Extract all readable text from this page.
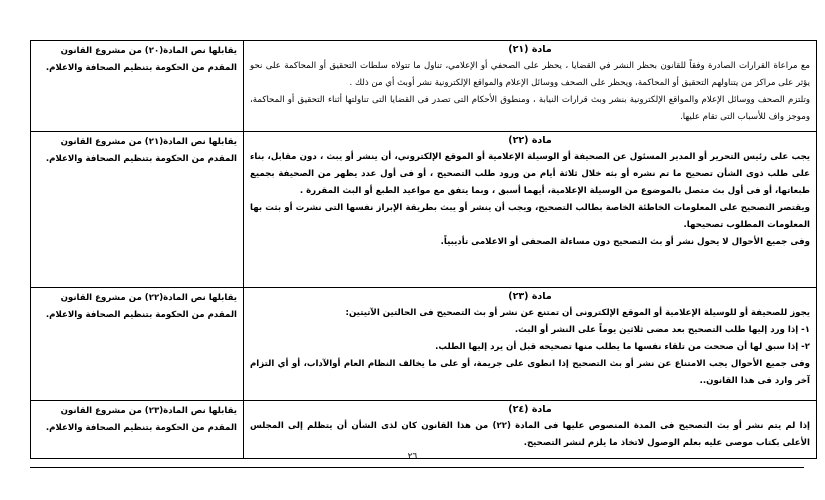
مادة (٢١)

مع مراعاة القرارات الصادرة وفقاً للقانون بحظر النشر في القضايا ، يحظر على الصحفي أو الإعلامي، تناول ما تتولاه سلطات التحقيق أو المحاكمة على نحو يؤثر على مراكز من يتناولهم التحقيق أو المحاكمة، ويحظر على الصحف ووسائل الإعلام والمواقع الإلكترونية نشر أوبث أي من ذلك .

وتلتزم الصحف ووسائل الإعلام والمواقع الإلكترونية بنشر وبث قرارات النيابة ، ومنطوق الأحكام التى تصدر فى القضايا التى تناولتها أثناء التحقيق أو المحاكمة، وموجز واف للأسباب التى تقام عليها.	يقابلها نص المادة(٢٠) من مشروع القانون المقدم من الحكومة بتنظيم الصحافة والاعلام.

مادة (٢٢)

يجب على رئيس التحرير أو المدير المسئول عن الصحيفة أو الوسيلة الإعلامية أو الموقع الإلكتروني، أن ينشر أو يبث ، دون مقابل، بناء على طلب ذوى الشأن تصحيح ما تم نشره أو بثه خلال ثلاثة أيام من ورود طلب التصحيح ، أو فى أول عدد يظهر من الصحيفة بجميع طبعاتها، أو فى أول بث متصل بالموضوع من الوسيلة الإعلامية، أيهما أسبق ، وبما يتفق مع مواعيد الطبع أو البث المقررة .

ويقتصر التصحيح على المعلومات الخاطئة الخاصة بطالب التصحيح، ويجب أن ينشر أو يبث بطريقة الإبراز نفسها التى نشرت أو بثت بها المعلومات المطلوب تصحيحها.

وفى جميع الأحوال لا يحول نشر أو بث التصحيح دون مساءلة الصحفى أو الاعلامى تأديبياً.	يقابلها نص المادة(٢١) من مشروع القانون المقدم من الحكومة بتنظيم الصحافة والاعلام.

مادة (٢٣)

يجوز للصحيفة أو للوسيلة الإعلامية أو الموقع الإلكترونى أن تمتنع عن نشر أو بث التصحيح فى الحالتين الآتيتين:

١- إذا ورد إليها طلب التصحيح بعد مضى ثلاثين يوماً على النشر أو البث.

٢- إذا سبق لها أن صححت من تلقاء نفسها ما يطلب منها تصحيحه قبل أن يرد إليها الطلب.

وفى جميع الأحوال يجب الامتناع عن نشر أو بث التصحيح إذا انطوى على جريمة، أو على ما يخالف النظام العام أوالآداب، أو أي التزام آخر وارد فى هذا القانون..	يقابلها نص المادة(٢٢) من مشروع القانون المقدم من الحكومة بتنظيم الصحافة والاعلام.

مادة (٢٤)

إذا لم يتم نشر أو بث التصحيح فى المدة المنصوص عليها فى المادة (٢٢) من هذا القانون كان لذى الشأن أن يتظلم إلى المجلس الأعلى بكتاب موصى عليه بعلم الوصول لاتخاذ ما يلزم لنشر التصحيح.	يقابلها نص المادة(٢٣) من مشروع القانون المقدم من الحكومة بتنظيم الصحافة والاعلام.
٢٦
